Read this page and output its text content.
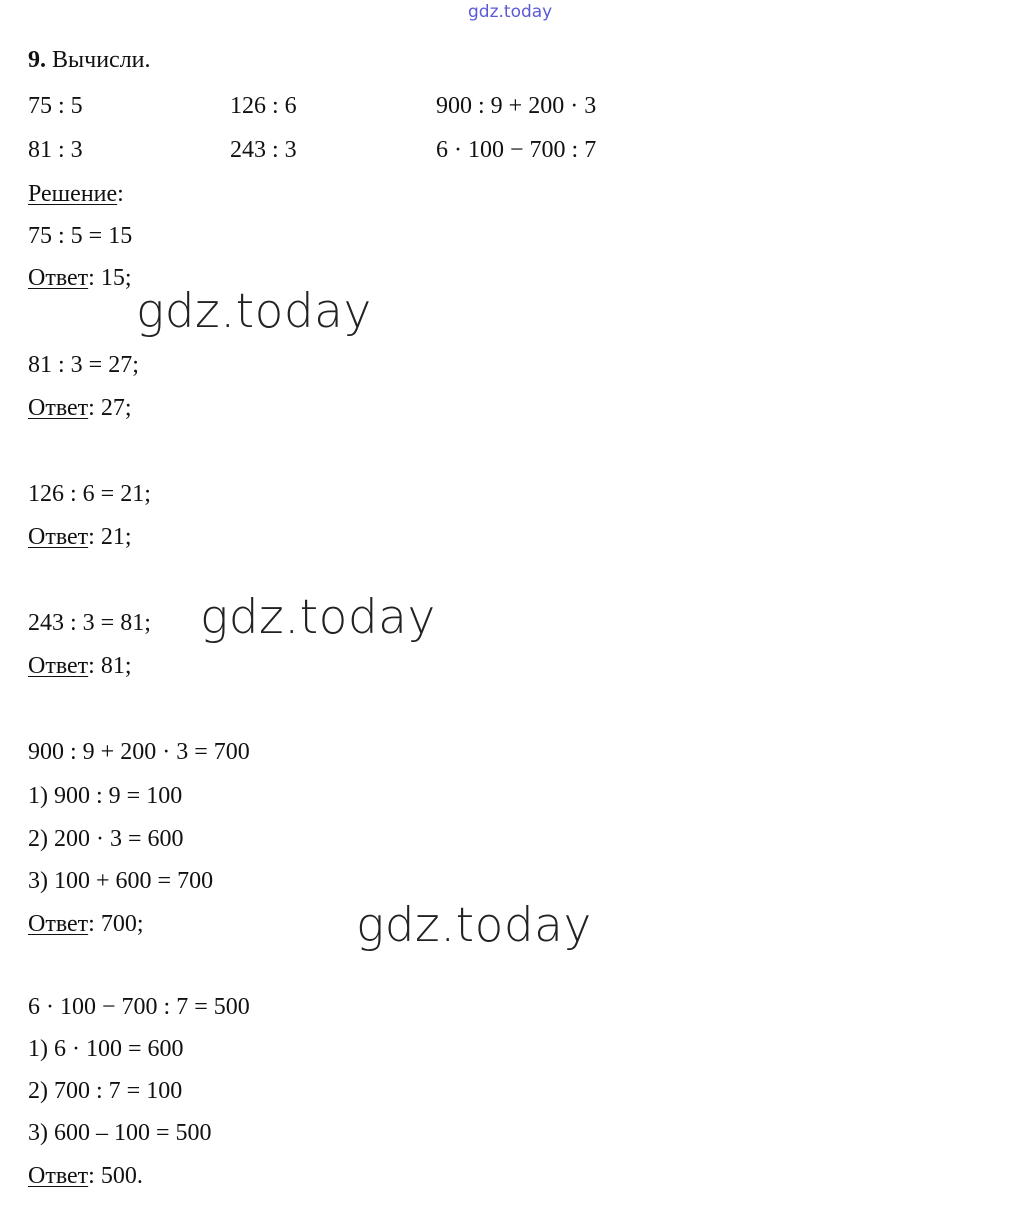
gdz.today
9. Вычисли.
75 : 5	126 : 6	900 : 9 + 200 · 3
81 : 3	243 : 3	6 · 100 − 700 : 7
Решение:
75 : 5 = 15
Ответ: 15;
gdz.today
81 : 3 = 27;
Ответ: 27;
126 : 6 = 21;
Ответ: 21;
243 : 3 = 81; gdz.today
Ответ: 81;
900 : 9 + 200 · 3 = 700
1) 900 : 9 = 100
2) 200 · 3 = 600
3) 100 + 600 = 700
Ответ: 700;	gdz.today
6 · 100 − 700 : 7 = 500
1) 6 · 100 = 600
2) 700 : 7 = 100
3) 600 – 100 = 500
Ответ: 500.
